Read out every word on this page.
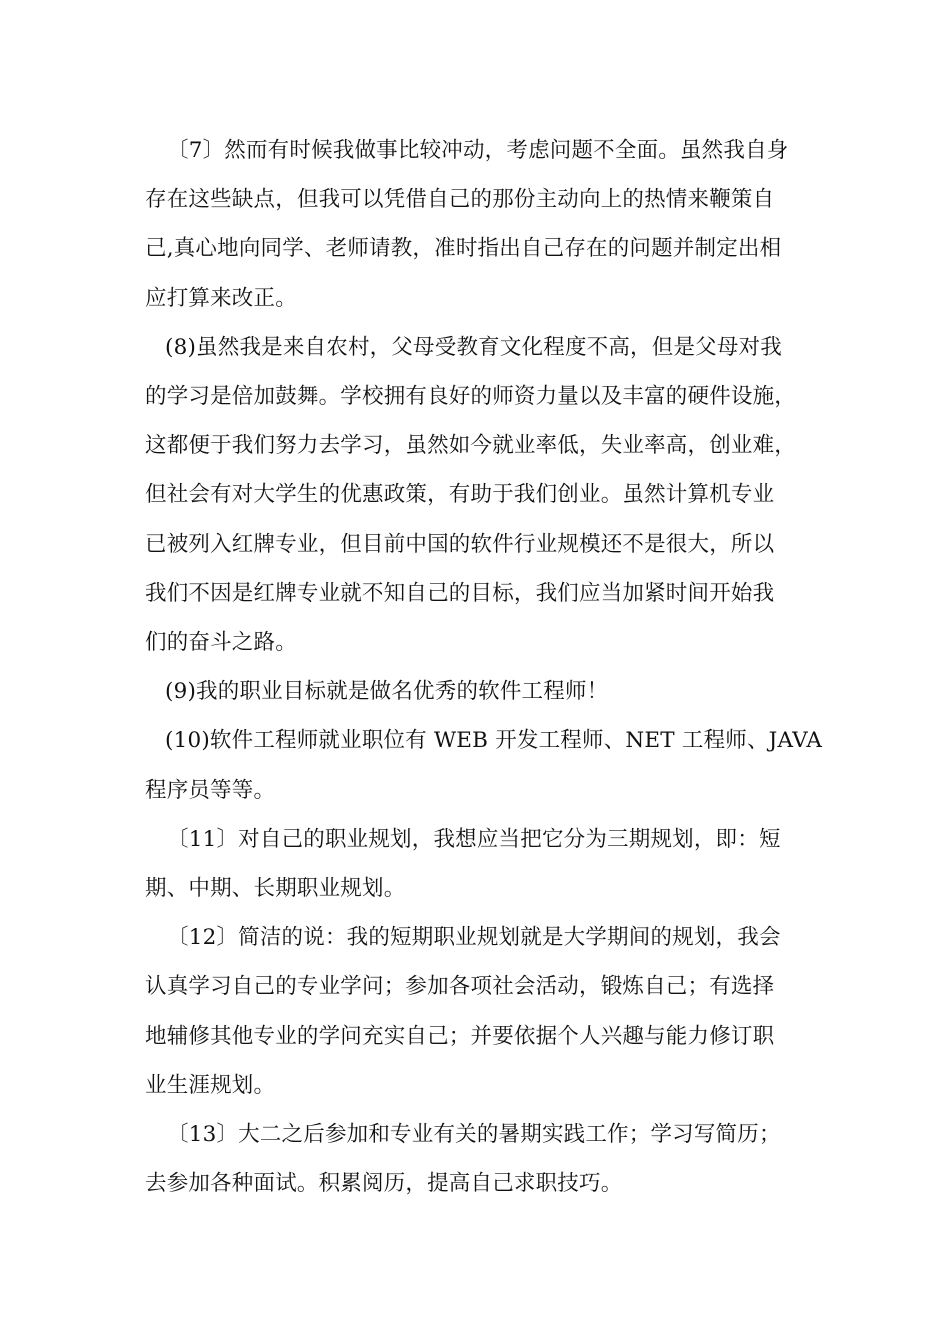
〔7〕然而有时候我做事比较冲动，考虑问题不全面。虽然我自身
存在这些缺点，但我可以凭借自己的那份主动向上的热情来鞭策自
己,真心地向同学、老师请教，准时指出自己存在的问题并制定出相
应打算来改正。

(8)虽然我是来自农村，父母受教育文化程度不高，但是父母对我
的学习是倍加鼓舞。学校拥有良好的师资力量以及丰富的硬件设施，
这都便于我们努力去学习，虽然如今就业率低，失业率高，创业难，
但社会有对大学生的优惠政策，有助于我们创业。虽然计算机专业
已被列入红牌专业，但目前中国的软件行业规模还不是很大，所以
我们不因是红牌专业就不知自己的目标，我们应当加紧时间开始我
们的奋斗之路。

(9)我的职业目标就是做名优秀的软件工程师！

(10)软件工程师就业职位有 WEB 开发工程师、NET 工程师、JAVA
程序员等等。

〔11〕对自己的职业规划，我想应当把它分为三期规划，即：短
期、中期、长期职业规划。

〔12〕简洁的说：我的短期职业规划就是大学期间的规划，我会
认真学习自己的专业学问；参加各项社会活动，锻炼自己；有选择
地辅修其他专业的学问充实自己；并要依据个人兴趣与能力修订职
业生涯规划。

〔13〕大二之后参加和专业有关的暑期实践工作；学习写简历；
去参加各种面试。积累阅历，提高自己求职技巧。
